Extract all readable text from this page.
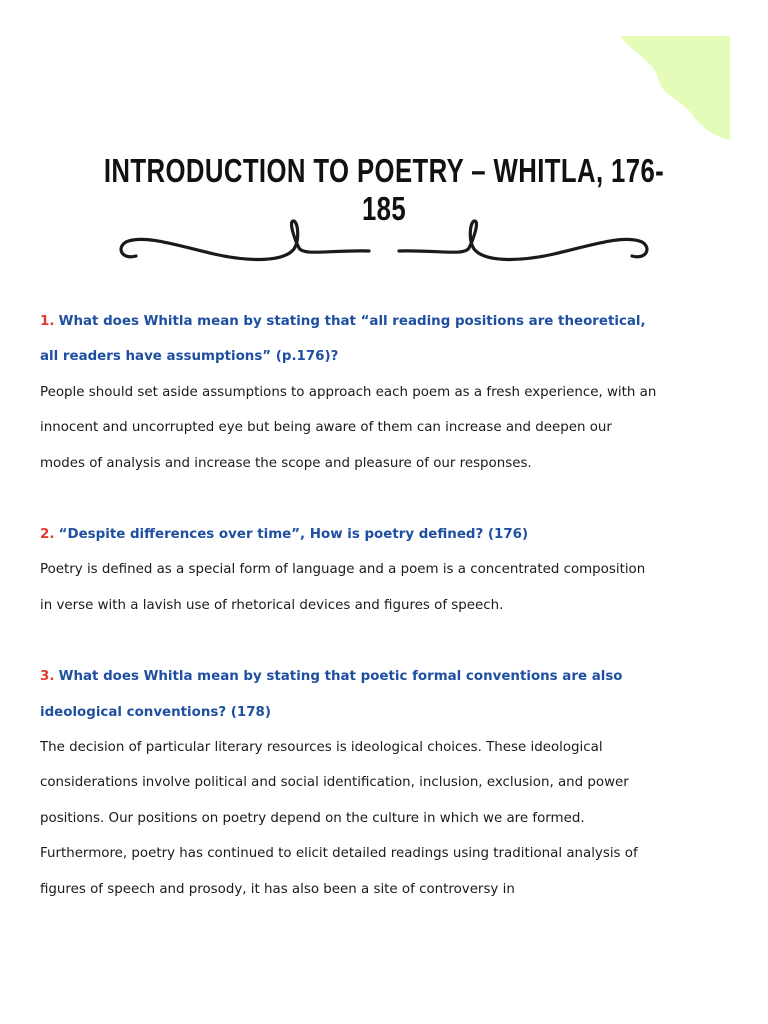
INTRODUCTION TO POETRY – WHITLA, 176-185

1. What does Whitla mean by stating that “all reading positions are theoretical, all readers have assumptions” (p.176)?

People should set aside assumptions to approach each poem as a fresh experience, with an innocent and uncorrupted eye but being aware of them can increase and deepen our modes of analysis and increase the scope and pleasure of our responses.

2. “Despite differences over time”, How is poetry defined? (176)

Poetry is defined as a special form of language and a poem is a concentrated composition in verse with a lavish use of rhetorical devices and figures of speech.

3. What does Whitla mean by stating that poetic formal conventions are also ideological conventions? (178)

The decision of particular literary resources is ideological choices. These ideological considerations involve political and social identification, inclusion, exclusion, and power positions. Our positions on poetry depend on the culture in which we are formed.

Furthermore, poetry has continued to elicit detailed readings using traditional analysis of figures of speech and prosody, it has also been a site of controversy in
